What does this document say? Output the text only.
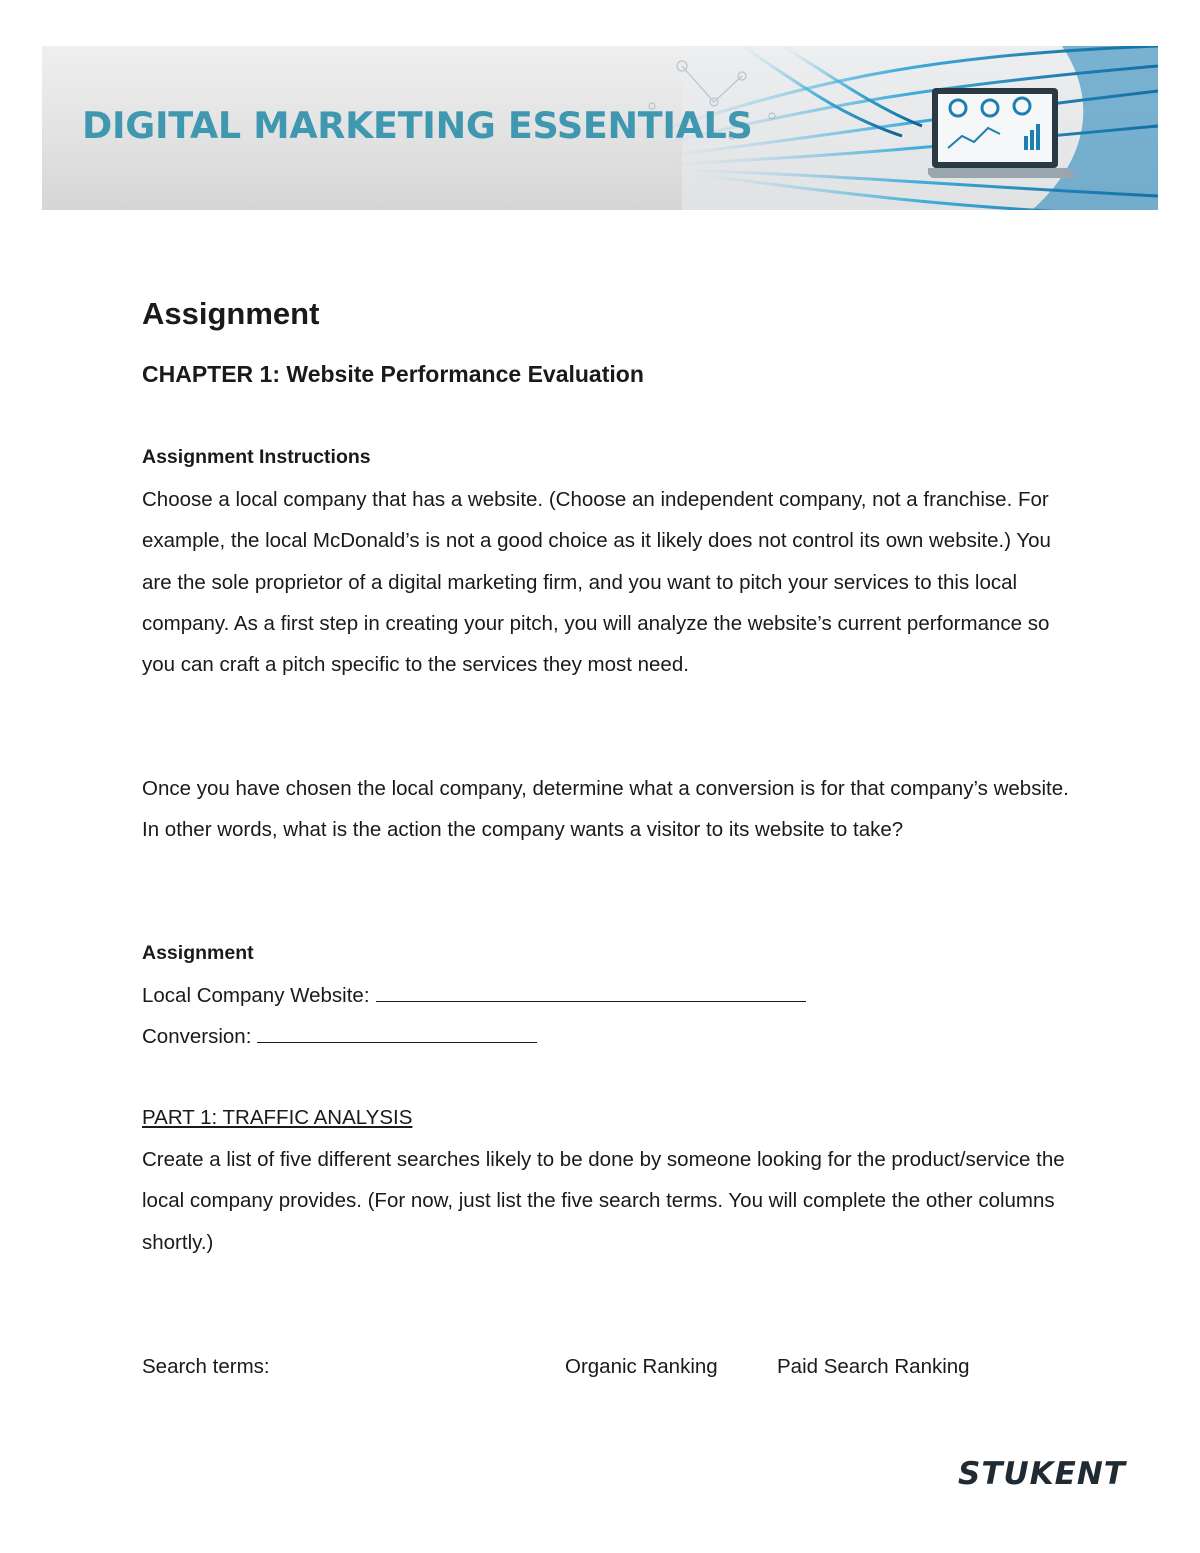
DIGITAL MARKETING ESSENTIALS
Assignment
CHAPTER 1: Website Performance Evaluation
Assignment Instructions
Choose a local company that has a website. (Choose an independent company, not a franchise. For example, the local McDonald’s is not a good choice as it likely does not control its own website.) You are the sole proprietor of a digital marketing firm, and you want to pitch your services to this local company. As a first step in creating your pitch, you will analyze the website’s current performance so you can craft a pitch specific to the services they most need.
Once you have chosen the local company, determine what a conversion is for that company’s website. In other words, what is the action the company wants a visitor to its website to take?
Assignment
Local Company Website:
Conversion:
PART 1: TRAFFIC ANALYSIS
Create a list of five different searches likely to be done by someone looking for the product/service the local company provides. (For now, just list the five search terms. You will complete the other columns shortly.)
Search terms:	Organic Ranking	Paid Search Ranking
STUKENT
